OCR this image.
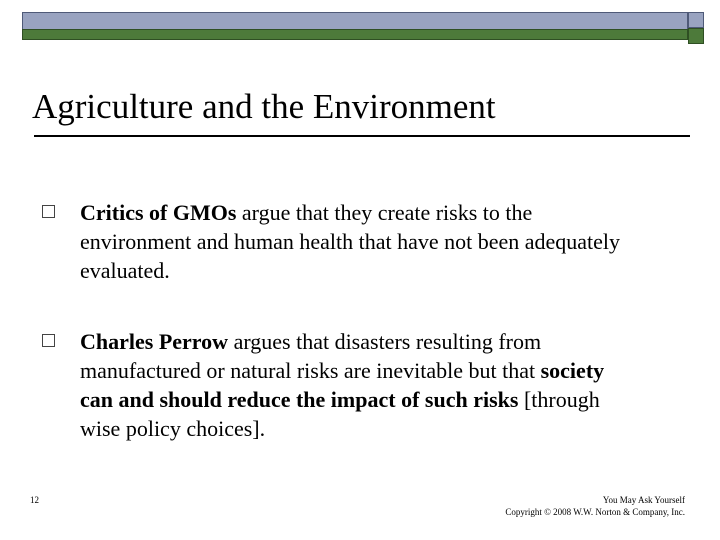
Agriculture and the Environment
Critics of GMOs argue that they create risks to the environment and human health that have not been adequately evaluated.
Charles Perrow argues that disasters resulting from manufactured or natural risks are inevitable but that society can and should reduce the impact of such risks [through wise policy choices].
12	You May Ask Yourself
Copyright © 2008 W.W. Norton & Company, Inc.
